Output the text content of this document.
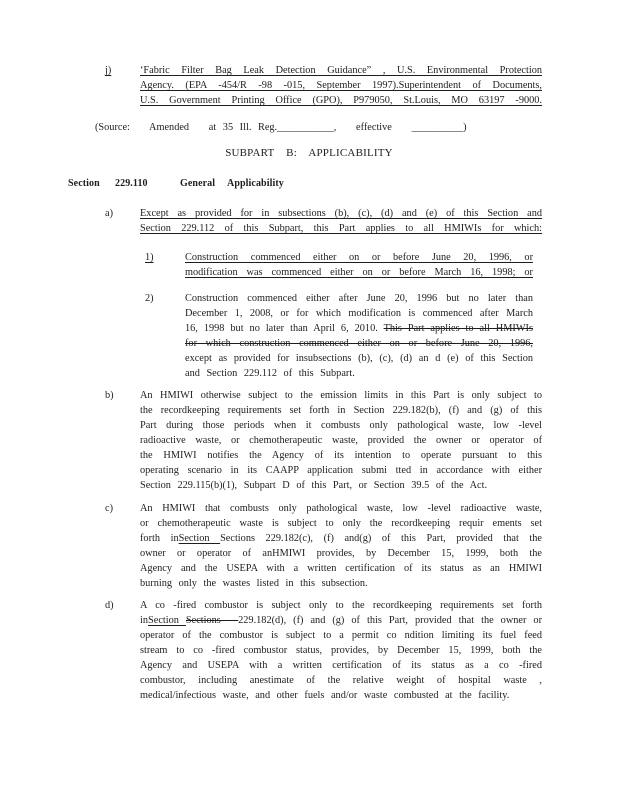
j)	‘Fabric Filter Bag Leak Detection Guidance” , U.S. Environmental Protection
Agency. (EPA -454/R -98 -015, September 1997).Superintendent of Documents,
U.S. Government Printing Office (GPO), P979050, St.Louis, MO 63197 -9000.
(Source:   Amended   at 35 Ill. Reg.___________,   effective   __________)
SUBPART B: APPLICABILITY
Section 229.110	General Applicability
a)	Except as provided for in subsections (b), (c), (d) and (e) of this Section and
Section 229.112 of this Subpart, this Part applies to all HMIWIs for which:
1)	Construction commenced either on or before June 20, 1996, or
modification was commenced either on or before March 16, 1998; or
2)	Construction commenced either after June 20, 1996 but no later than
December 1, 2008, or for which modification is commenced after March
16, 1998 but no later than April 6, 2010. This Part applies to all HMIWIs
for which construction commenced either on or before June 20, 1996,
except as provided for insubsections (b), (c), (d) an d (e) of this Section
and Section 229.112 of this Subpart.
b)	An HMIWI otherwise subject to the emission limits in this Part is only subject to
the recordkeeping requirements set forth in Section 229.182(b), (f) and (g) of this
Part during those periods when it combusts only pathological waste, low -level
radioactive waste, or chemotherapeutic waste, provided the owner or operator of
the HMIWI notifies the Agency of its intention to operate pursuant to this
operating scenario in its CAAPP application submi tted in accordance with either
Section 229.115(b)(1), Subpart D of this Part, or Section 39.5 of the Act.
c)	An HMIWI that combusts only pathological waste, low -level radioactive waste,
or chemotherapeutic waste is subject to only the recordkeeping requir ements set
forth inSection Sections 229.182(c), (f) and(g) of this Part, provided that the
owner or operator of anHMIWI provides, by December 15, 1999, both the
Agency and the USEPA with a written certification of its status as an HMIWI
burning only the wastes listed in this subsection.
d)	A co -fired combustor is subject only to the recordkeeping requirements set forth
inSection Sections —229.182(d), (f) and (g) of this Part, provided that the owner or
operator of the combustor is subject to a permit co ndition limiting its fuel feed
stream to co -fired combustor status, provides, by December 15, 1999, both the
Agency and USEPA with a written certification of its status as a co -fired
combustor, including anestimate of the relative weight of hospital waste ,
medical/infectious waste, and other fuels and/or waste combusted at the facility.
